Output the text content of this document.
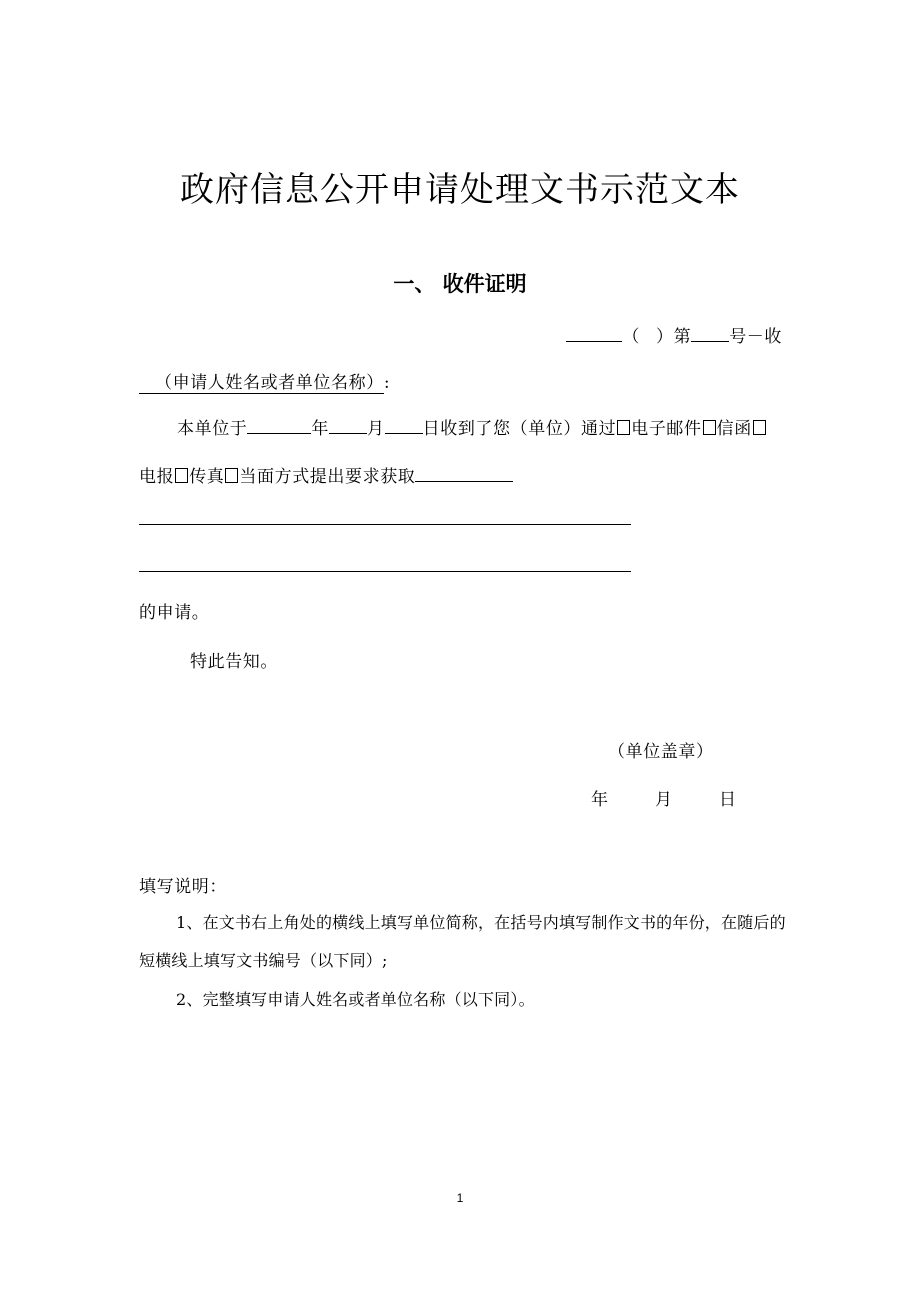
政府信息公开申请处理文书示范文本
一、 收件证明
（ ）第 号－收
（申请人姓名或者单位名称）:
本单位于	年 月 日收到了您（单位）通过 电子邮件 信函
电报 传真 当面方式提出要求获取
的申请。
特此告知。
（单位盖章）
年	月	日
填写说明：
1、在文书右上角处的横线上填写单位简称，在括号内填写制作文书的年份，在随后的
短横线上填写文书编号（以下同）;
2、完整填写申请人姓名或者单位名称（以下同）。
1
